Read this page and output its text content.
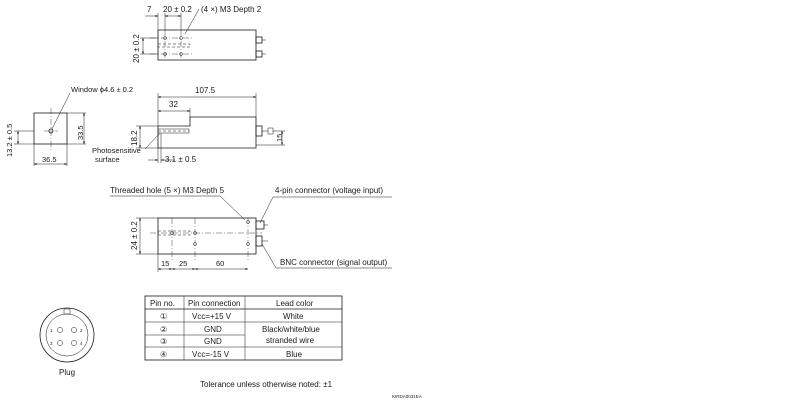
7 20 ± 0.2 (4 ×) M3 Depth 2
20 ± 0.2
Window ϕ4.6 ± 0.2
13.2 ± 0.5	33.5
36.5
107.5
32
18.2	15
3.1 ± 0.5
Photosensitive
surface
Threaded hole (5 ×) M3 Depth 5	4-pin connector (voltage input)
BNC connector (signal output)
24 ± 0.2
15 25	60
1	2
3	4
Plug
Pin no. Pin connection	Lead color
①	Vcc=+15 V	White
②	GND
③	GND
Black/white/blue
stranded wire
④	Vcc=-15 V	Blue
Tolerance unless otherwise noted: ±1
KIRDA0031EA
